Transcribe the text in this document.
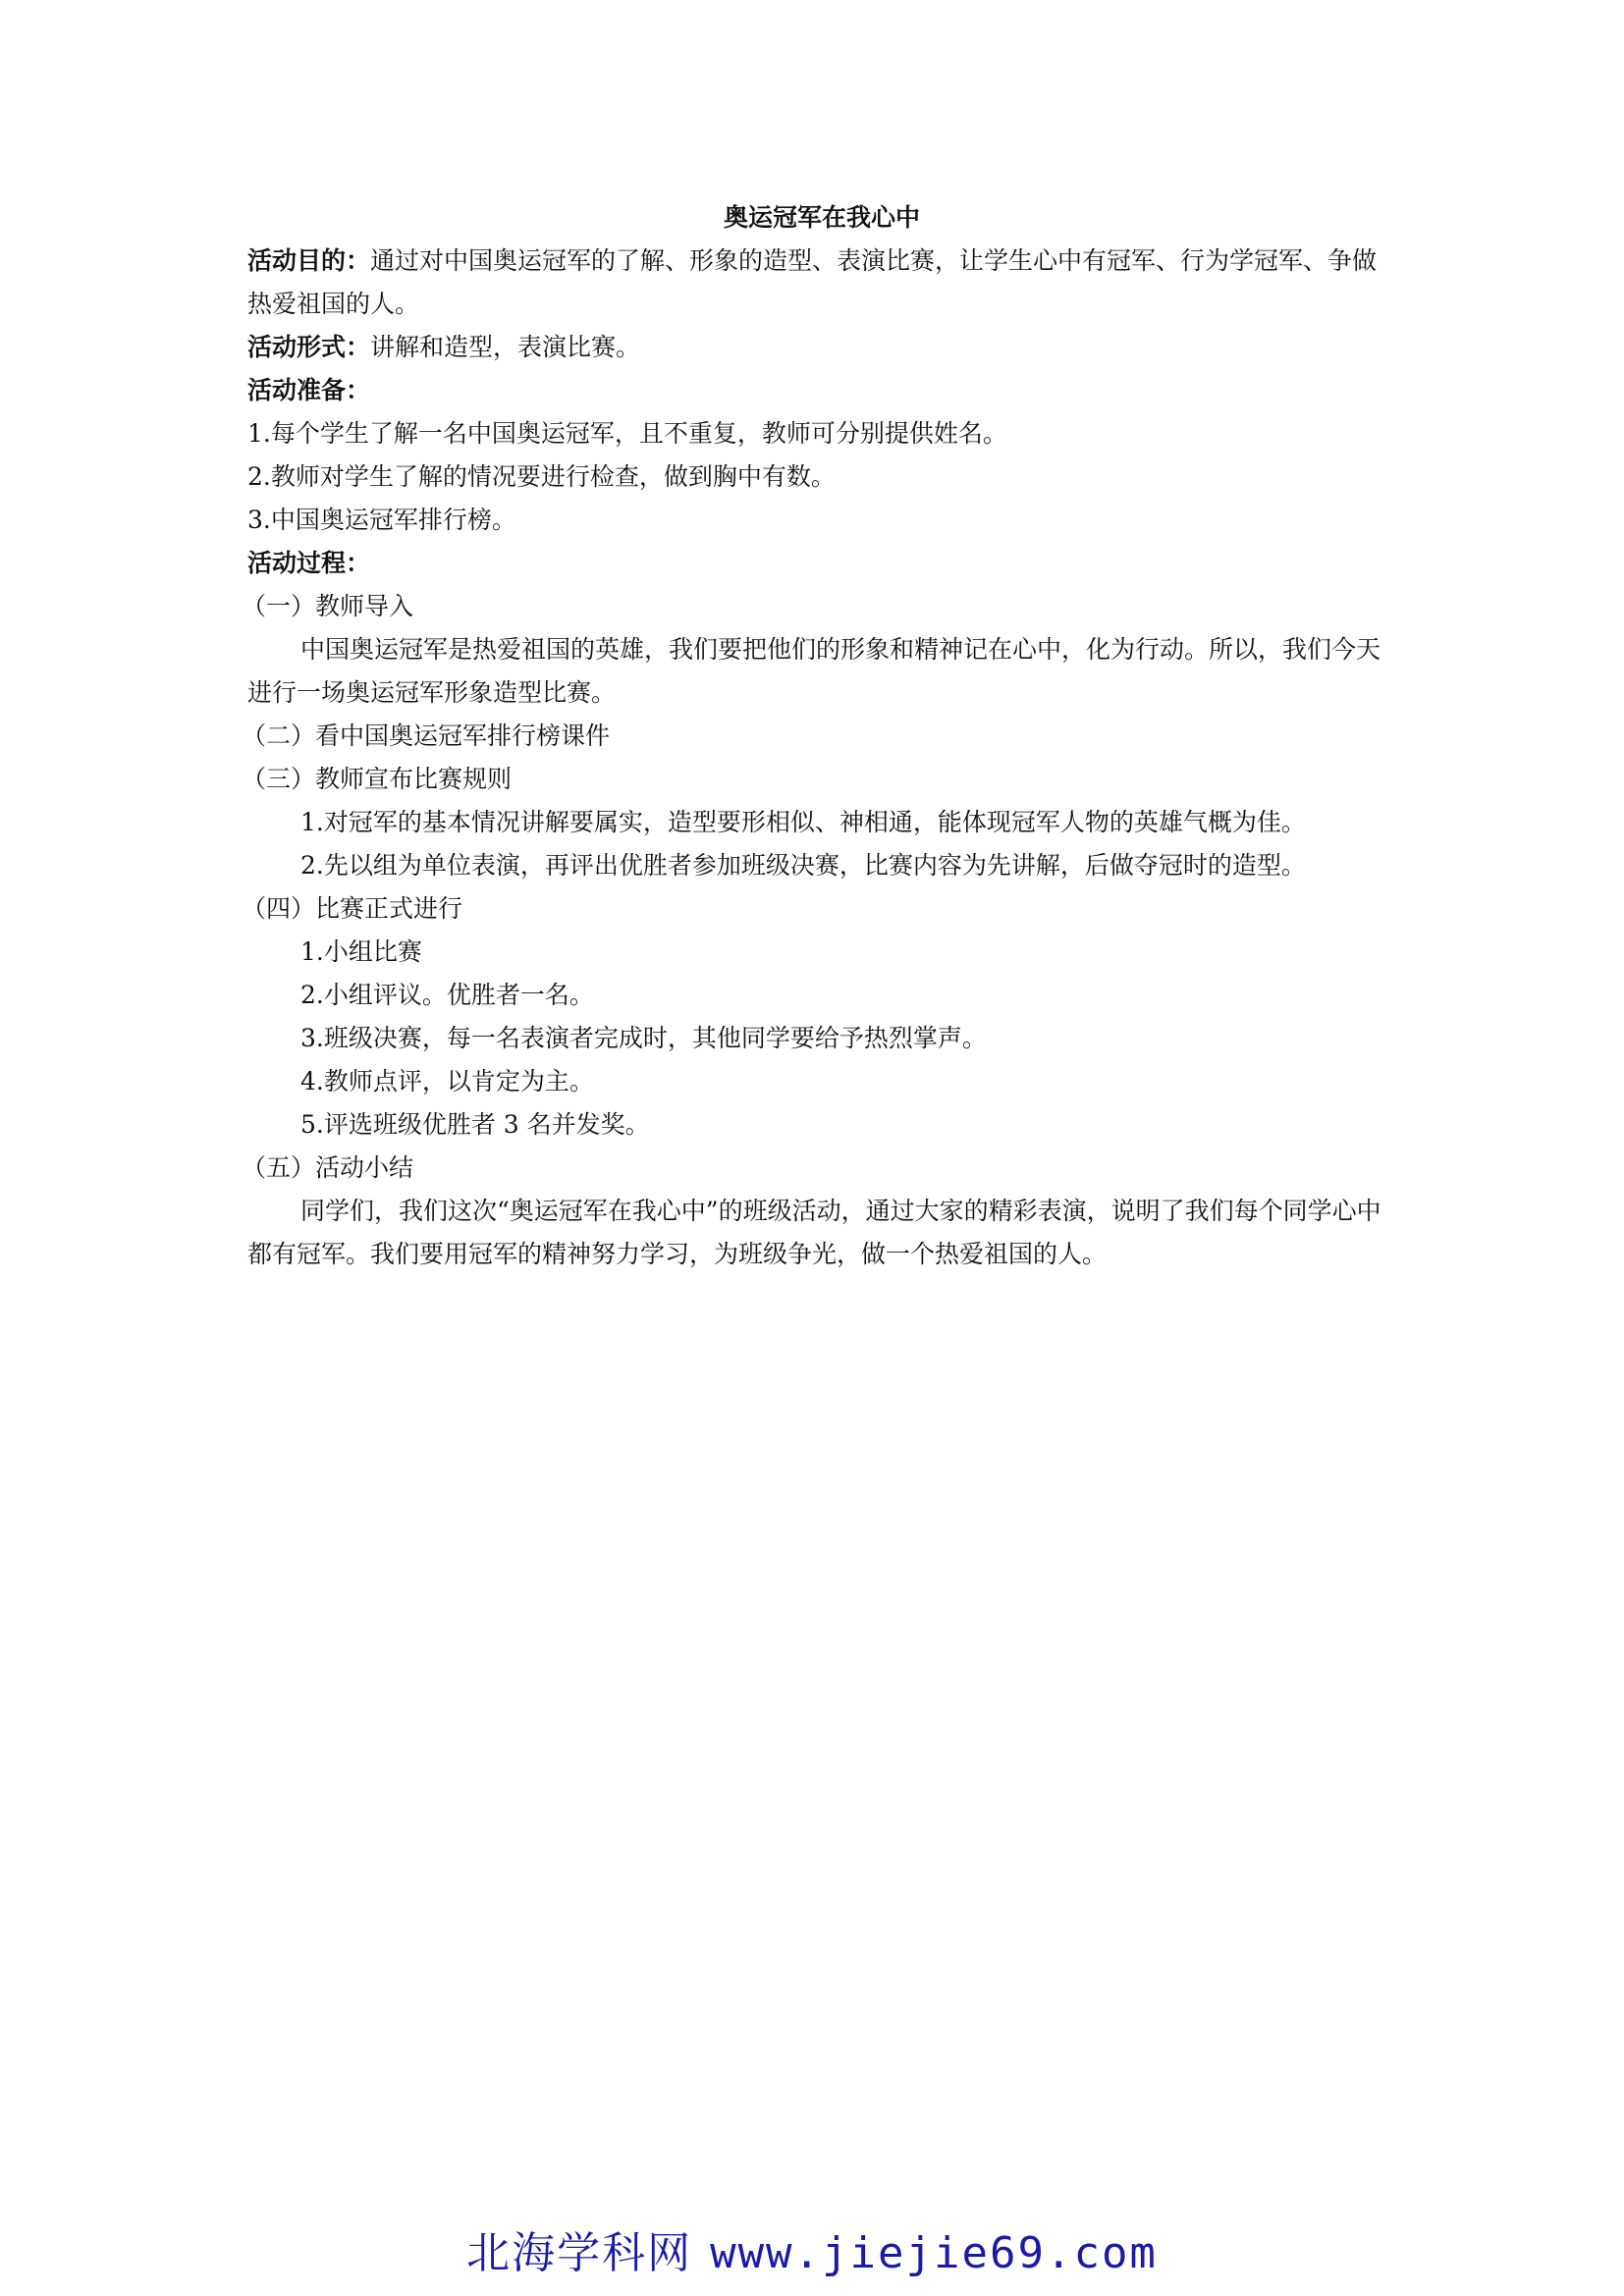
奥运冠军在我心中

活动目的：通过对中国奥运冠军的了解、形象的造型、表演比赛，让学生心中有冠军、行为学冠军、争做热爱祖国的人。

活动形式：讲解和造型，表演比赛。

活动准备：

1.每个学生了解一名中国奥运冠军，且不重复，教师可分别提供姓名。

2.教师对学生了解的情况要进行检查，做到胸中有数。

3.中国奥运冠军排行榜。

活动过程：

（一）教师导入

中国奥运冠军是热爱祖国的英雄，我们要把他们的形象和精神记在心中，化为行动。所以，我们今天进行一场奥运冠军形象造型比赛。

（二）看中国奥运冠军排行榜课件

（三）教师宣布比赛规则

1.对冠军的基本情况讲解要属实，造型要形相似、神相通，能体现冠军人物的英雄气概为佳。

2.先以组为单位表演，再评出优胜者参加班级决赛，比赛内容为先讲解，后做夺冠时的造型。

（四）比赛正式进行

1.小组比赛

2.小组评议。优胜者一名。

3.班级决赛，每一名表演者完成时，其他同学要给予热烈掌声。

4.教师点评，以肯定为主。

5.评选班级优胜者 3 名并发奖。

（五）活动小结

同学们，我们这次“奥运冠军在我心中”的班级活动，通过大家的精彩表演，说明了我们每个同学心中都有冠军。我们要用冠军的精神努力学习，为班级争光，做一个热爱祖国的人。

北海学科网 www.jiejie69.com
